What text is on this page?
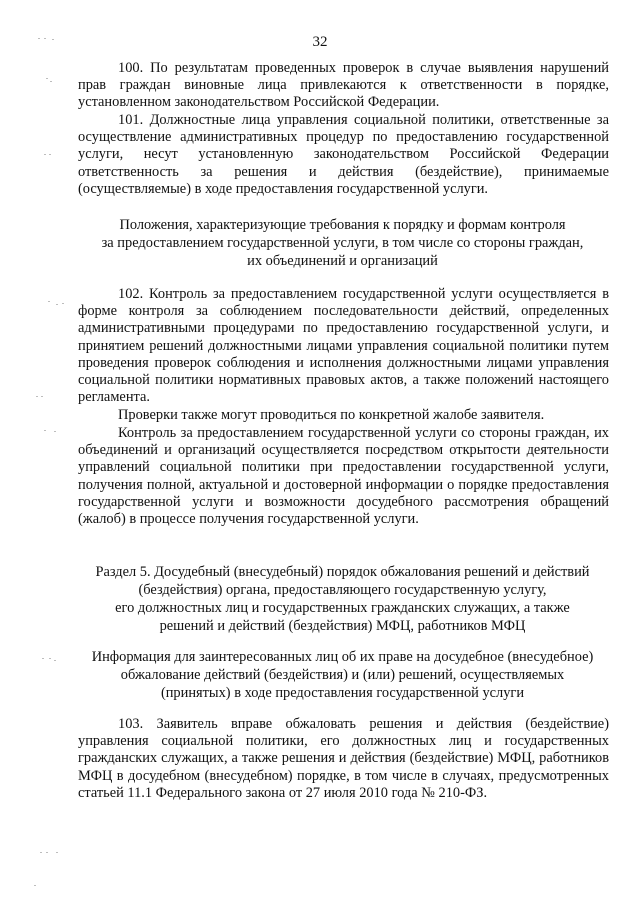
32

100. По результатам проведенных проверок в случае выявления нарушений прав граждан виновные лица привлекаются к ответственности в порядке, установленном законодательством Российской Федерации.

101. Должностные лица управления социальной политики, ответственные за осуществление административных процедур по предоставлению государственной услуги, несут установленную законодательством Российской Федерации ответственность за решения и действия (бездействие), принимаемые (осуществляемые) в ходе предоставления государственной услуги.

Положения, характеризующие требования к порядку и формам контроля
за предоставлением государственной услуги, в том числе со стороны граждан,
их объединений и организаций

102. Контроль за предоставлением государственной услуги осуществляется в форме контроля за соблюдением последовательности действий, определенных административными процедурами по предоставлению государственной услуги, и принятием решений должностными лицами управления социальной политики путем проведения проверок соблюдения и исполнения должностными лицами управления социальной политики нормативных правовых актов, а также положений настоящего регламента.

Проверки также могут проводиться по конкретной жалобе заявителя.

Контроль за предоставлением государственной услуги со стороны граждан, их объединений и организаций осуществляется посредством открытости деятельности управлений социальной политики при предоставлении государственной услуги, получения полной, актуальной и достоверной информации о порядке предоставления государственной услуги и возможности досудебного рассмотрения обращений (жалоб) в процессе получения государственной услуги.

Раздел 5. Досудебный (внесудебный) порядок обжалования решений и действий
(бездействия) органа, предоставляющего государственную услугу,
его должностных лиц и государственных гражданских служащих, а также
решений и действий (бездействия) МФЦ, работников МФЦ
Информация для заинтересованных лиц об их праве на досудебное (внесудебное)
обжалование действий (бездействия) и (или) решений, осуществляемых
(принятых) в ходе предоставления государственной услуги

103. Заявитель вправе обжаловать решения и действия (бездействие) управления социальной политики, его должностных лиц и государственных гражданских служащих, а также решения и действия (бездействие) МФЦ, работников МФЦ в досудебном (внесудебном) порядке, в том числе в случаях, предусмотренных статьей 11.1 Федерального закона от 27 июля 2010 года № 210-ФЗ.
